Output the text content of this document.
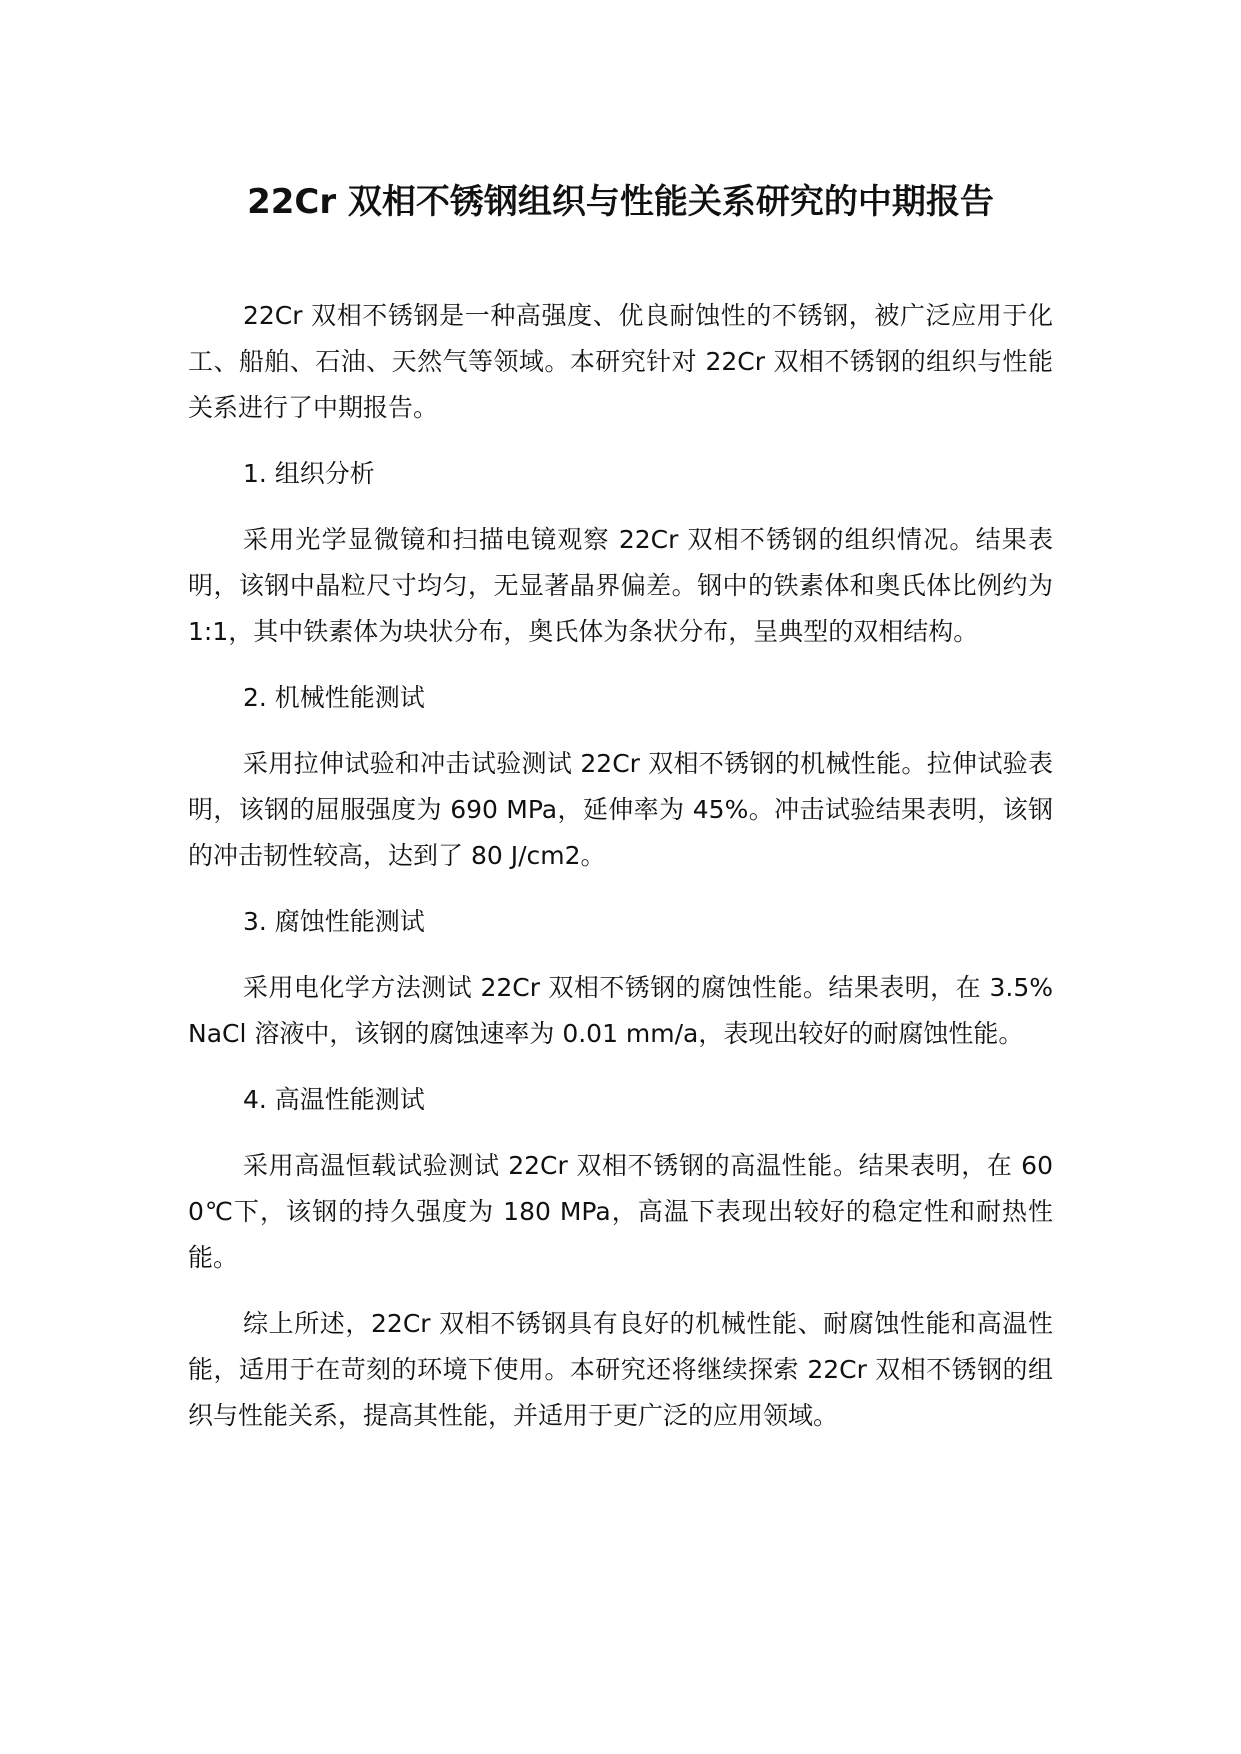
22Cr 双相不锈钢组织与性能关系研究的中期报告

22Cr 双相不锈钢是一种高强度、优良耐蚀性的不锈钢，被广泛应用于化工、船舶、石油、天然气等领域。本研究针对 22Cr 双相不锈钢的组织与性能关系进行了中期报告。

1. 组织分析

采用光学显微镜和扫描电镜观察 22Cr 双相不锈钢的组织情况。结果表明，该钢中晶粒尺寸均匀，无显著晶界偏差。钢中的铁素体和奥氏体比例约为 1:1，其中铁素体为块状分布，奥氏体为条状分布，呈典型的双相结构。

2. 机械性能测试

采用拉伸试验和冲击试验测试 22Cr 双相不锈钢的机械性能。拉伸试验表明，该钢的屈服强度为 690 MPa，延伸率为 45%。冲击试验结果表明，该钢的冲击韧性较高，达到了 80 J/cm2。

3. 腐蚀性能测试

采用电化学方法测试 22Cr 双相不锈钢的腐蚀性能。结果表明，在 3.5% NaCl 溶液中，该钢的腐蚀速率为 0.01 mm/a，表现出较好的耐腐蚀性能。

4. 高温性能测试

采用高温恒载试验测试 22Cr 双相不锈钢的高温性能。结果表明，在 600℃下，该钢的持久强度为 180 MPa，高温下表现出较好的稳定性和耐热性能。

综上所述，22Cr 双相不锈钢具有良好的机械性能、耐腐蚀性能和高温性能，适用于在苛刻的环境下使用。本研究还将继续探索 22Cr 双相不锈钢的组织与性能关系，提高其性能，并适用于更广泛的应用领域。
